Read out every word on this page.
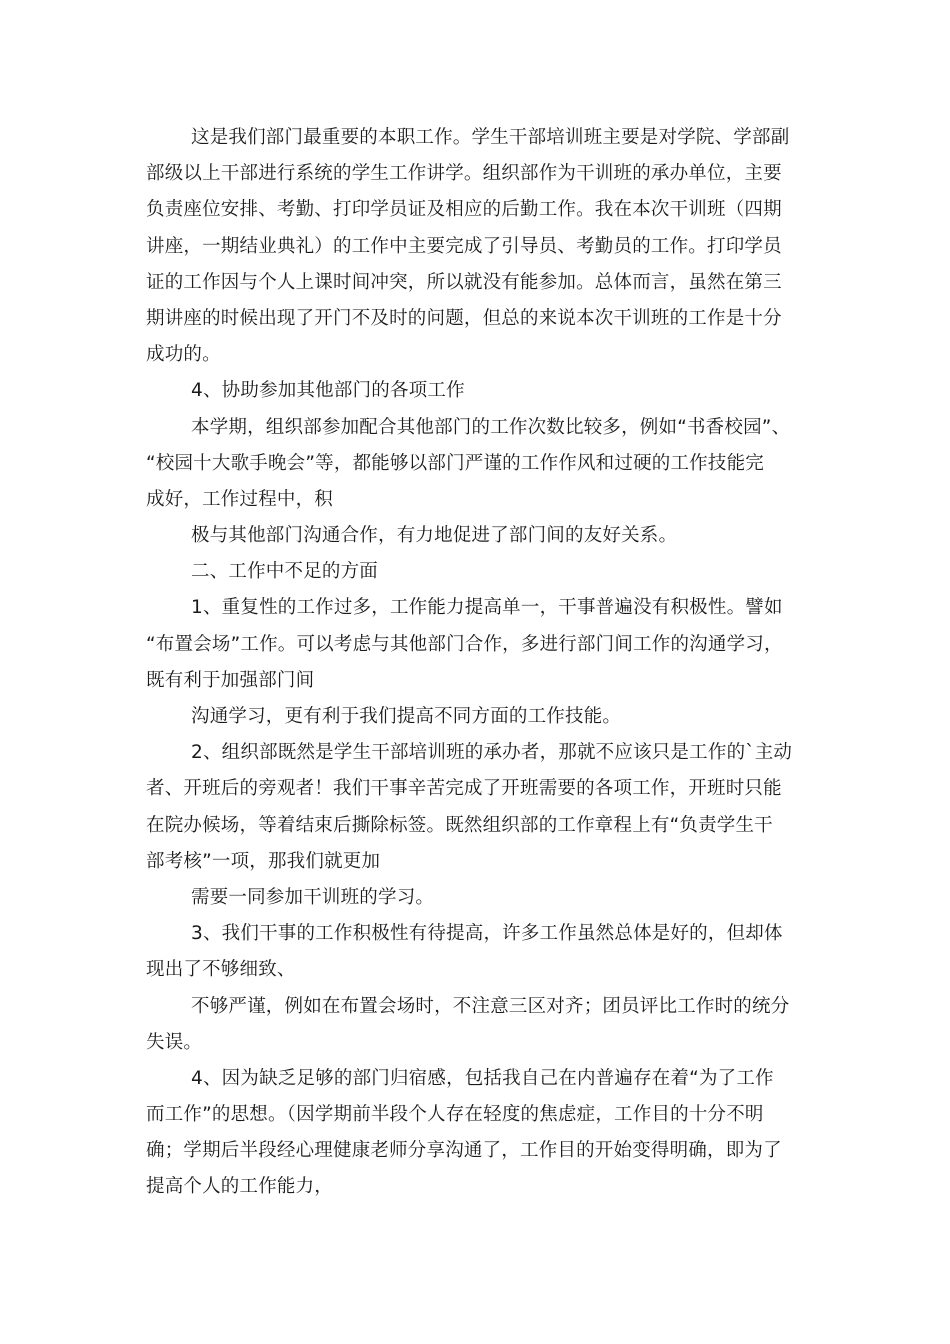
这是我们部门最重要的本职工作。学生干部培训班主要是对学院、学部副
部级以上干部进行系统的学生工作讲学。组织部作为干训班的承办单位，主要
负责座位安排、考勤、打印学员证及相应的后勤工作。我在本次干训班（四期
讲座，一期结业典礼）的工作中主要完成了引导员、考勤员的工作。打印学员
证的工作因与个人上课时间冲突，所以就没有能参加。总体而言，虽然在第三
期讲座的时候出现了开门不及时的问题，但总的来说本次干训班的工作是十分
成功的。
4、协助参加其他部门的各项工作
本学期，组织部参加配合其他部门的工作次数比较多，例如“书香校园”、
“校园十大歌手晚会”等，都能够以部门严谨的工作作风和过硬的工作技能完
成好，工作过程中，积
极与其他部门沟通合作，有力地促进了部门间的友好关系。
二、工作中不足的方面
1、重复性的工作过多，工作能力提高单一，干事普遍没有积极性。譬如
“布置会场”工作。可以考虑与其他部门合作，多进行部门间工作的沟通学习，
既有利于加强部门间
沟通学习，更有利于我们提高不同方面的工作技能。
2、组织部既然是学生干部培训班的承办者，那就不应该只是工作的`主动
者、开班后的旁观者！我们干事辛苦完成了开班需要的各项工作，开班时只能
在院办候场，等着结束后撕除标签。既然组织部的工作章程上有“负责学生干
部考核”一项，那我们就更加
需要一同参加干训班的学习。
3、我们干事的工作积极性有待提高，许多工作虽然总体是好的，但却体
现出了不够细致、
不够严谨，例如在布置会场时，不注意三区对齐；团员评比工作时的统分
失误。
4、因为缺乏足够的部门归宿感，包括我自己在内普遍存在着“为了工作
而工作”的思想。（因学期前半段个人存在轻度的焦虑症，工作目的十分不明
确；学期后半段经心理健康老师分享沟通了，工作目的开始变得明确，即为了
提高个人的工作能力，
